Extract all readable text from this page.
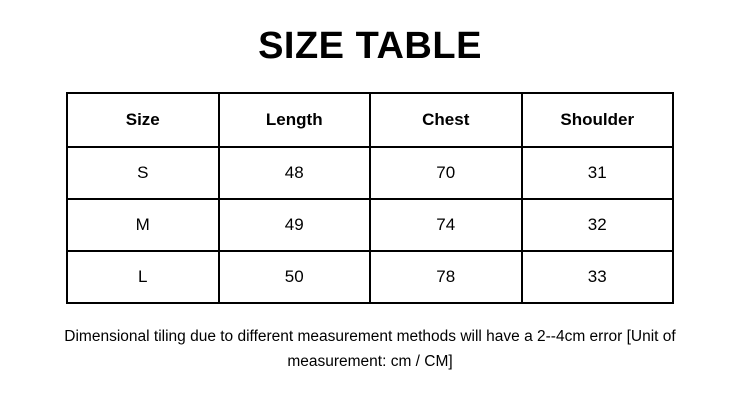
SIZE TABLE
Size	Length	Chest	Shoulder
S	48	70	31
M	49	74	32
L	50	78	33
Dimensional tiling due to different measurement methods will have a 2--4cm error [Unit of measurement: cm / CM]
